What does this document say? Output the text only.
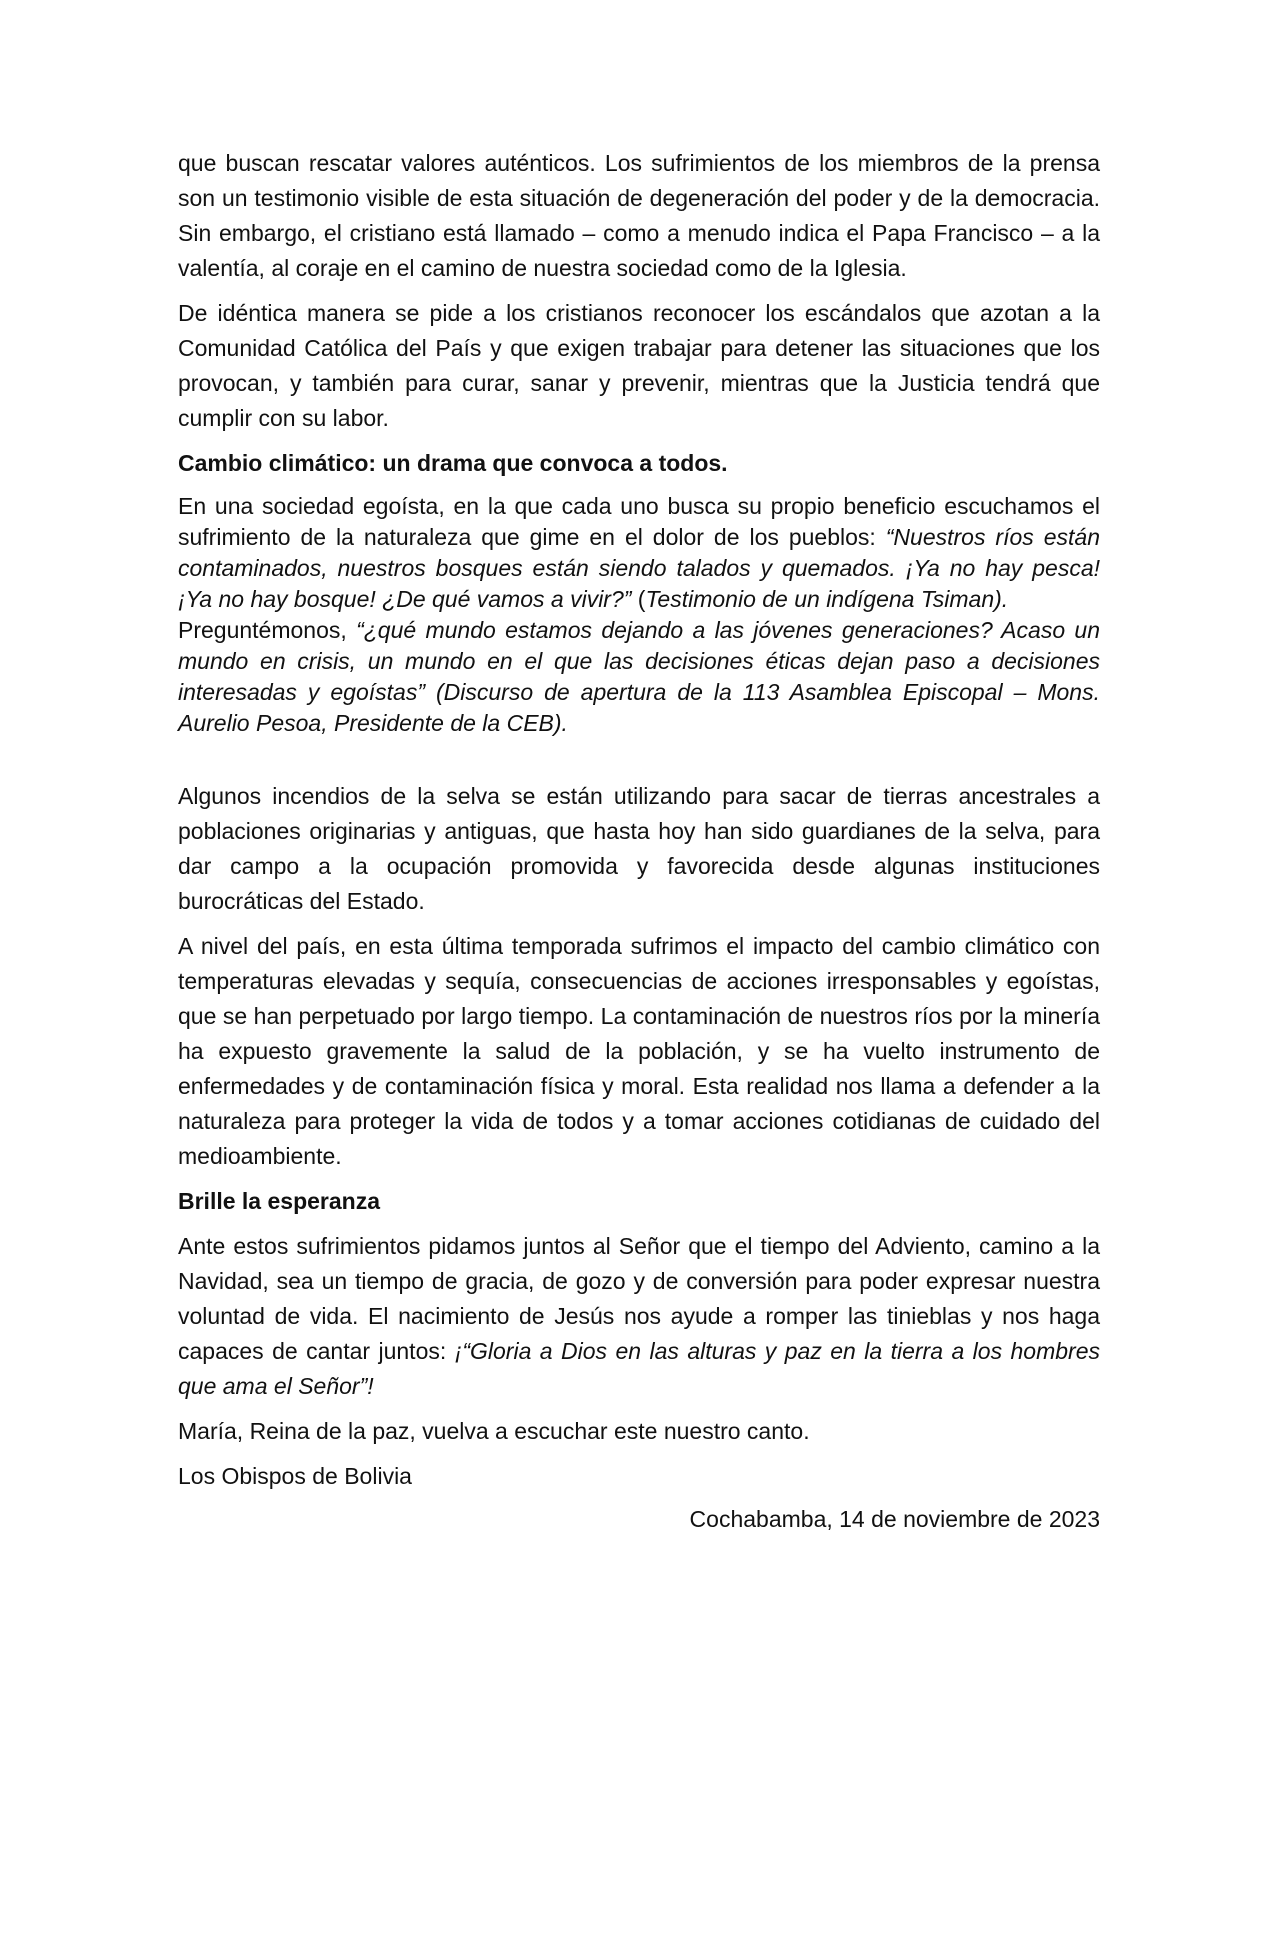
que buscan rescatar valores auténticos. Los sufrimientos de los miembros de la prensa son un testimonio visible de esta situación de degeneración del poder y de la democracia. Sin embargo, el cristiano está llamado – como a menudo indica el Papa Francisco – a la valentía, al coraje en el camino de nuestra sociedad como de la Iglesia.

De idéntica manera se pide a los cristianos reconocer los escándalos que azotan a la Comunidad Católica del País y que exigen trabajar para detener las situaciones que los provocan, y también para curar, sanar y prevenir, mientras que la Justicia tendrá que cumplir con su labor.

Cambio climático: un drama que convoca a todos.

En una sociedad egoísta, en la que cada uno busca su propio beneficio escuchamos el sufrimiento de la naturaleza que gime en el dolor de los pueblos: “Nuestros ríos están contaminados, nuestros bosques están siendo talados y quemados. ¡Ya no hay pesca! ¡Ya no hay bosque! ¿De qué vamos a vivir?” (Testimonio de un indígena Tsiman).
Preguntémonos, “¿qué mundo estamos dejando a las jóvenes generaciones? Acaso un mundo en crisis, un mundo en el que las decisiones éticas dejan paso a decisiones interesadas y egoístas” (Discurso de apertura de la 113 Asamblea Episcopal – Mons. Aurelio Pesoa, Presidente de la CEB).

Algunos incendios de la selva se están utilizando para sacar de tierras ancestrales a poblaciones originarias y antiguas, que hasta hoy han sido guardianes de la selva, para dar campo a la ocupación promovida y favorecida desde algunas instituciones burocráticas del Estado.

A nivel del país, en esta última temporada sufrimos el impacto del cambio climático con temperaturas elevadas y sequía, consecuencias de acciones irresponsables y egoístas, que se han perpetuado por largo tiempo. La contaminación de nuestros ríos por la minería ha expuesto gravemente la salud de la población, y se ha vuelto instrumento de enfermedades y de contaminación física y moral. Esta realidad nos llama a defender a la naturaleza para proteger la vida de todos y a tomar acciones cotidianas de cuidado del medioambiente.

Brille la esperanza

Ante estos sufrimientos pidamos juntos al Señor que el tiempo del Adviento, camino a la Navidad, sea un tiempo de gracia, de gozo y de conversión para poder expresar nuestra voluntad de vida. El nacimiento de Jesús nos ayude a romper las tinieblas y nos haga capaces de cantar juntos: ¡“Gloria a Dios en las alturas y paz en la tierra a los hombres que ama el Señor”!

María, Reina de la paz, vuelva a escuchar este nuestro canto.

Los Obispos de Bolivia

Cochabamba, 14 de noviembre de 2023
